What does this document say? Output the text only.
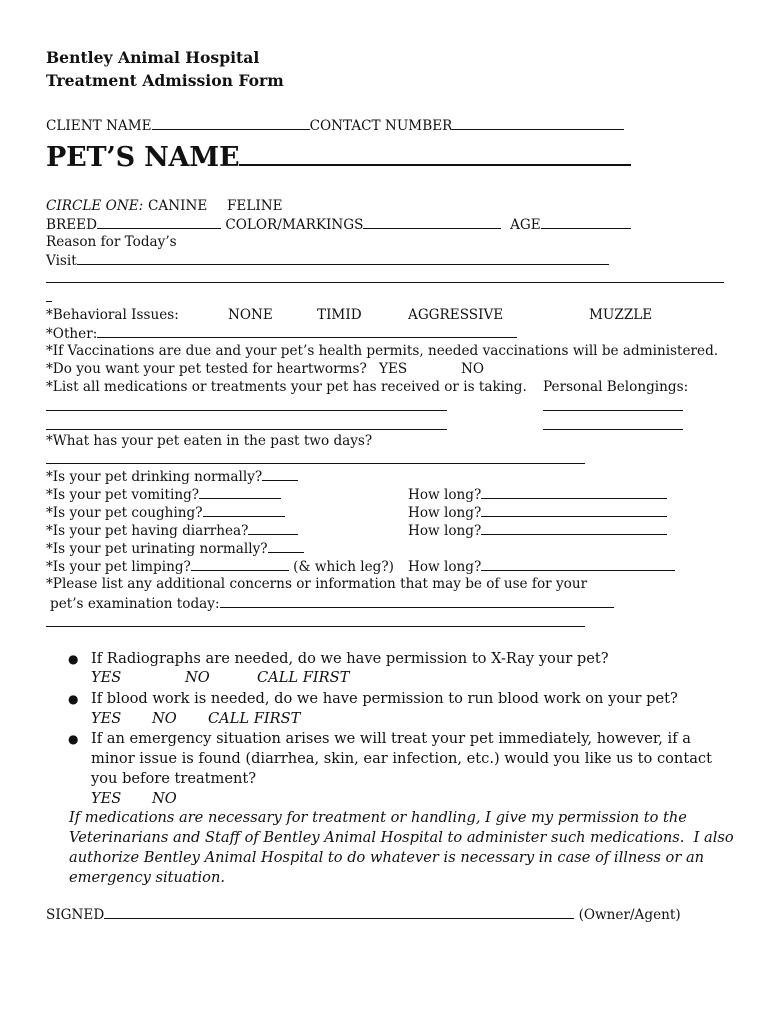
Bentley Animal Hospital
Treatment Admission Form
CLIENT NAME	CONTACT NUMBER
PET’S NAME
CIRCLE ONE: CANINE FELINE
BREED	COLOR/MARKINGS	AGE
Reason for Today’s
Visit
*Behavioral Issues:	NONE	TIMID	AGGRESSIVE	MUZZLE
*Other:
*If Vaccinations are due and your pet’s health permits, needed vaccinations will be administered.
*Do you want your pet tested for heartworms? YES	NO
*List all medications or treatments your pet has received or is taking. Personal Belongings:
*What has your pet eaten in the past two days?
*Is your pet drinking normally?
*Is your pet vomiting?	How long?
*Is your pet coughing?	How long?
*Is your pet having diarrhea?	How long?
*Is your pet urinating normally?
*Is your pet limping?	(& which leg?) How long?
*Please list any additional concerns or information that may be of use for your
pet’s examination today:
● If Radiographs are needed, do we have permission to X-Ray your pet?
YES	NO	CALL FIRST
● If blood work is needed, do we have permission to run blood work on your pet?
YES NO CALL FIRST
● If an emergency situation arises we will treat your pet immediately, however, if a
minor issue is found (diarrhea, skin, ear infection, etc.) would you like us to contact
you before treatment?
YES NO
If medications are necessary for treatment or handling, I give my permission to the
Veterinarians and Staff of Bentley Animal Hospital to administer such medications.  I also
authorize Bentley Animal Hospital to do whatever is necessary in case of illness or an
emergency situation.
SIGNED	(Owner/Agent)
